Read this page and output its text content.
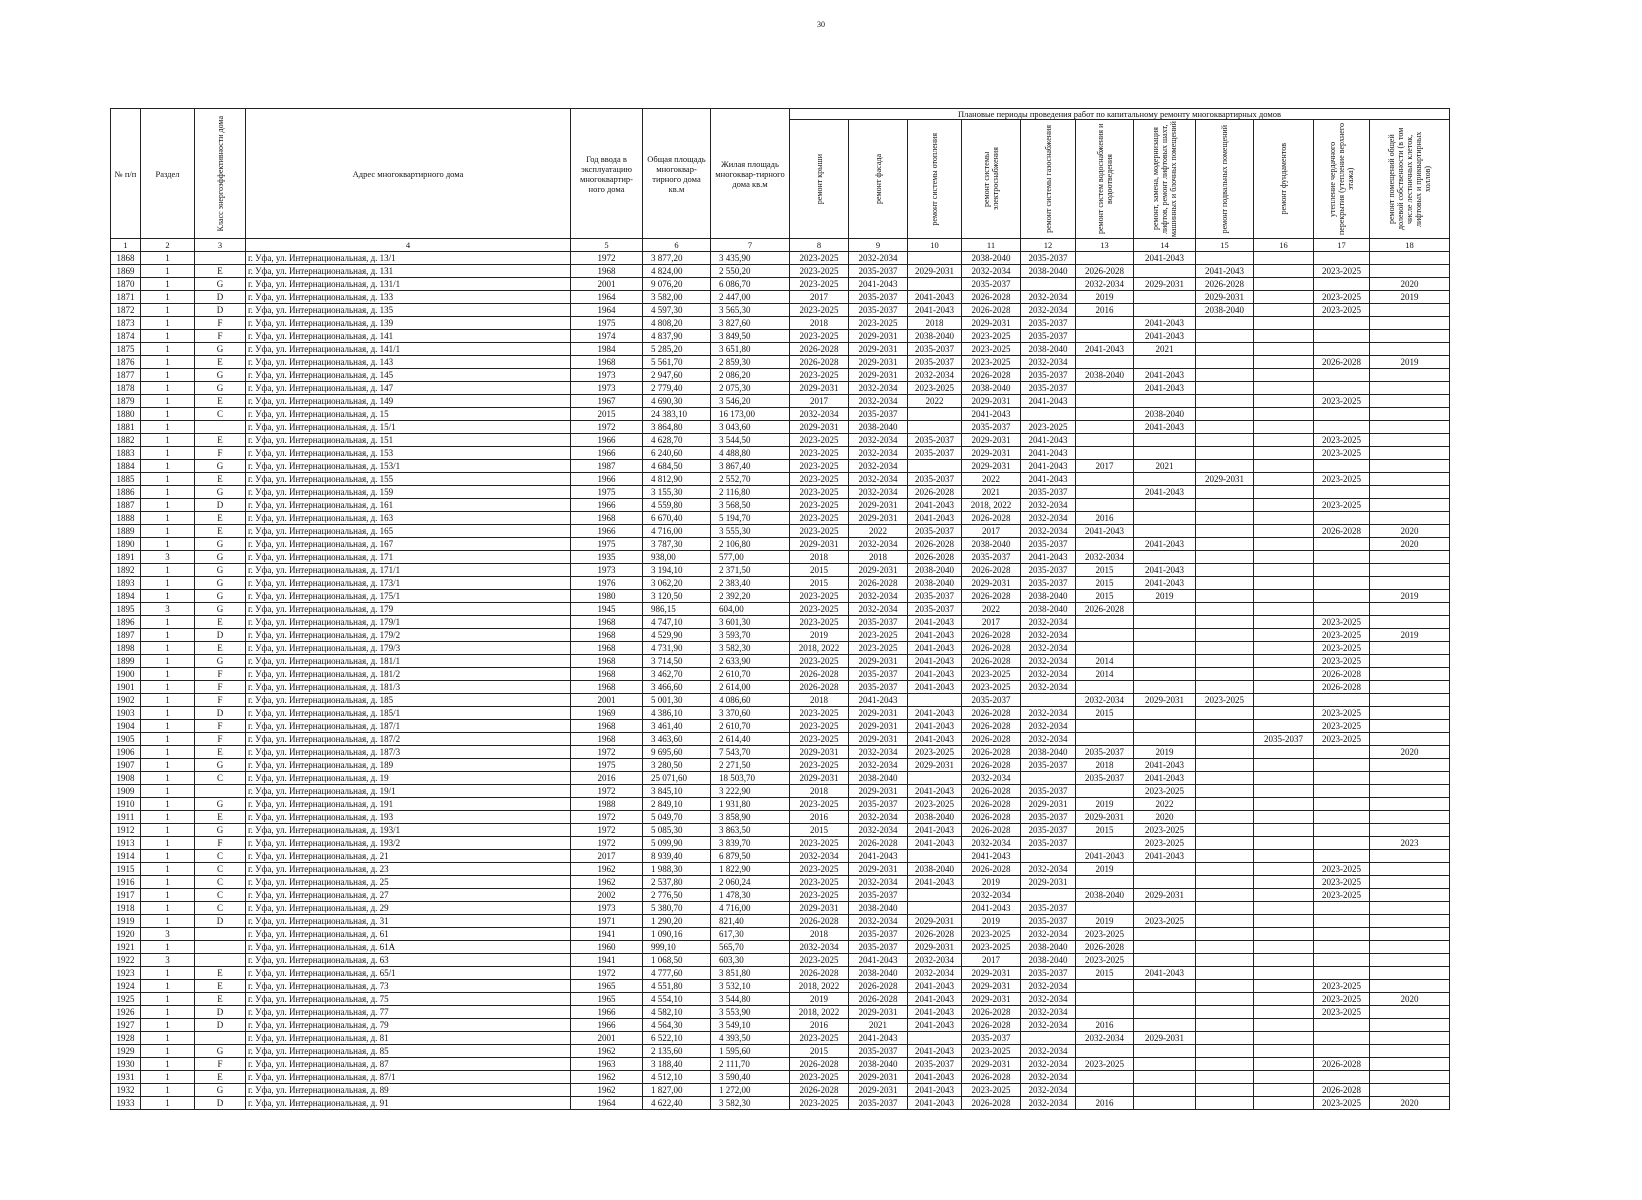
30
№ п/п	Раздел	Класс энергоэффективности дома	Адрес многоквартирного дома	Год ввода в эксплуатацию многоквартир-ного дома	Общая площадь многоквар-тирного дома кв.м	Жилая площадь многоквар-тирного дома кв.м	Плановые периоды проведения работ по капитальному ремонту многоквартирных домов										

							ремонт крыши	ремонт фасада	ремонт системы отопления	ремонт системы электроснабжения	ремонт системы газоснабжения	ремонт систем водоснабжения и водоотведения	ремонт, замена, модернизация лифтов, ремонт лифтовых шахт, машинных и блочных помещений	ремонт подвальных помещений	ремонт фундаментов	утепление чердачного перекрытия (утепление верхнего этажа)	ремонт помещений общей долевой собственности (в том числе лестничных клеток, лифтовых и приквартирных холлов)

1	2	3	4	5	6	7	8	9	10	11	12	13	14	15	16	17	18
1868	1		г. Уфа, ул. Интернациональная, д. 13/1	1972	3 877,20	3 435,90	2023-2025	2032-2034		2038-2040	2035-2037		2041-2043				
1869	1	E	г. Уфа, ул. Интернациональная, д. 131	1968	4 824,00	2 550,20	2023-2025	2035-2037	2029-2031	2032-2034	2038-2040	2026-2028		2041-2043		2023-2025	
1870	1	G	г. Уфа, ул. Интернациональная, д. 131/1	2001	9 076,20	6 086,70	2023-2025	2041-2043		2035-2037		2032-2034	2029-2031	2026-2028			2020
1871	1	D	г. Уфа, ул. Интернациональная, д. 133	1964	3 582,00	2 447,00	2017	2035-2037	2041-2043	2026-2028	2032-2034	2019		2029-2031		2023-2025	2019
1872	1	D	г. Уфа, ул. Интернациональная, д. 135	1964	4 597,30	3 565,30	2023-2025	2035-2037	2041-2043	2026-2028	2032-2034	2016		2038-2040		2023-2025	
1873	1	F	г. Уфа, ул. Интернациональная, д. 139	1975	4 808,20	3 827,60	2018	2023-2025	2018	2029-2031	2035-2037		2041-2043				
1874	1	F	г. Уфа, ул. Интернациональная, д. 141	1974	4 837,90	3 849,50	2023-2025	2029-2031	2038-2040	2023-2025	2035-2037		2041-2043				
1875	1	G	г. Уфа, ул. Интернациональная, д. 141/1	1984	5 285,20	3 651,80	2026-2028	2029-2031	2035-2037	2023-2025	2038-2040	2041-2043	2021				
1876	1	E	г. Уфа, ул. Интернациональная, д. 143	1968	5 561,70	2 859,30	2026-2028	2029-2031	2035-2037	2023-2025	2032-2034					2026-2028	2019
1877	1	G	г. Уфа, ул. Интернациональная, д. 145	1973	2 947,60	2 086,20	2023-2025	2029-2031	2032-2034	2026-2028	2035-2037	2038-2040	2041-2043				
1878	1	G	г. Уфа, ул. Интернациональная, д. 147	1973	2 779,40	2 075,30	2029-2031	2032-2034	2023-2025	2038-2040	2035-2037		2041-2043				
1879	1	E	г. Уфа, ул. Интернациональная, д. 149	1967	4 690,30	3 546,20	2017	2032-2034	2022	2029-2031	2041-2043					2023-2025	
1880	1	C	г. Уфа, ул. Интернациональная, д. 15	2015	24 383,10	16 173,00	2032-2034	2035-2037		2041-2043			2038-2040				
1881	1		г. Уфа, ул. Интернациональная, д. 15/1	1972	3 864,80	3 043,60	2029-2031	2038-2040		2035-2037	2023-2025		2041-2043				
1882	1	E	г. Уфа, ул. Интернациональная, д. 151	1966	4 628,70	3 544,50	2023-2025	2032-2034	2035-2037	2029-2031	2041-2043					2023-2025	
1883	1	F	г. Уфа, ул. Интернациональная, д. 153	1966	6 240,60	4 488,80	2023-2025	2032-2034	2035-2037	2029-2031	2041-2043					2023-2025	
1884	1	G	г. Уфа, ул. Интернациональная, д. 153/1	1987	4 684,50	3 867,40	2023-2025	2032-2034		2029-2031	2041-2043	2017	2021				
1885	1	E	г. Уфа, ул. Интернациональная, д. 155	1966	4 812,90	2 552,70	2023-2025	2032-2034	2035-2037	2022	2041-2043			2029-2031		2023-2025	
1886	1	G	г. Уфа, ул. Интернациональная, д. 159	1975	3 155,30	2 116,80	2023-2025	2032-2034	2026-2028	2021	2035-2037		2041-2043				
1887	1	D	г. Уфа, ул. Интернациональная, д. 161	1966	4 559,80	3 568,50	2023-2025	2029-2031	2041-2043	2018, 2022	2032-2034					2023-2025	
1888	1	E	г. Уфа, ул. Интернациональная, д. 163	1968	6 670,40	5 194,70	2023-2025	2029-2031	2041-2043	2026-2028	2032-2034	2016					
1889	1	E	г. Уфа, ул. Интернациональная, д. 165	1966	4 716,00	3 555,30	2023-2025	2022	2035-2037	2017	2032-2034	2041-2043				2026-2028	2020
1890	1	G	г. Уфа, ул. Интернациональная, д. 167	1975	3 787,30	2 106,80	2029-2031	2032-2034	2026-2028	2038-2040	2035-2037		2041-2043				2020
1891	3	G	г. Уфа, ул. Интернациональная, д. 171	1935	938,00	577,00	2018	2018	2026-2028	2035-2037	2041-2043	2032-2034					
1892	1	G	г. Уфа, ул. Интернациональная, д. 171/1	1973	3 194,10	2 371,50	2015	2029-2031	2038-2040	2026-2028	2035-2037	2015	2041-2043				
1893	1	G	г. Уфа, ул. Интернациональная, д. 173/1	1976	3 062,20	2 383,40	2015	2026-2028	2038-2040	2029-2031	2035-2037	2015	2041-2043				
1894	1	G	г. Уфа, ул. Интернациональная, д. 175/1	1980	3 120,50	2 392,20	2023-2025	2032-2034	2035-2037	2026-2028	2038-2040	2015	2019				2019
1895	3	G	г. Уфа, ул. Интернациональная, д. 179	1945	986,15	604,00	2023-2025	2032-2034	2035-2037	2022	2038-2040	2026-2028					
1896	1	E	г. Уфа, ул. Интернациональная, д. 179/1	1968	4 747,10	3 601,30	2023-2025	2035-2037	2041-2043	2017	2032-2034					2023-2025	
1897	1	D	г. Уфа, ул. Интернациональная, д. 179/2	1968	4 529,90	3 593,70	2019	2023-2025	2041-2043	2026-2028	2032-2034					2023-2025	2019
1898	1	E	г. Уфа, ул. Интернациональная, д. 179/3	1968	4 731,90	3 582,30	2018, 2022	2023-2025	2041-2043	2026-2028	2032-2034					2023-2025	
1899	1	G	г. Уфа, ул. Интернациональная, д. 181/1	1968	3 714,50	2 633,90	2023-2025	2029-2031	2041-2043	2026-2028	2032-2034	2014				2023-2025	
1900	1	F	г. Уфа, ул. Интернациональная, д. 181/2	1968	3 462,70	2 610,70	2026-2028	2035-2037	2041-2043	2023-2025	2032-2034	2014				2026-2028	
1901	1	F	г. Уфа, ул. Интернациональная, д. 181/3	1968	3 466,60	2 614,00	2026-2028	2035-2037	2041-2043	2023-2025	2032-2034					2026-2028	
1902	1	F	г. Уфа, ул. Интернациональная, д. 185	2001	5 001,30	4 086,60	2018	2041-2043		2035-2037		2032-2034	2029-2031	2023-2025			
1903	1	D	г. Уфа, ул. Интернациональная, д. 185/1	1969	4 386,10	3 370,60	2023-2025	2029-2031	2041-2043	2026-2028	2032-2034	2015				2023-2025	
1904	1	F	г. Уфа, ул. Интернациональная, д. 187/1	1968	3 461,40	2 610,70	2023-2025	2029-2031	2041-2043	2026-2028	2032-2034					2023-2025	
1905	1	F	г. Уфа, ул. Интернациональная, д. 187/2	1968	3 463,60	2 614,40	2023-2025	2029-2031	2041-2043	2026-2028	2032-2034				2035-2037	2023-2025	
1906	1	E	г. Уфа, ул. Интернациональная, д. 187/3	1972	9 695,60	7 543,70	2029-2031	2032-2034	2023-2025	2026-2028	2038-2040	2035-2037	2019				2020
1907	1	G	г. Уфа, ул. Интернациональная, д. 189	1975	3 280,50	2 271,50	2023-2025	2032-2034	2029-2031	2026-2028	2035-2037	2018	2041-2043				
1908	1	C	г. Уфа, ул. Интернациональная, д. 19	2016	25 071,60	18 503,70	2029-2031	2038-2040		2032-2034		2035-2037	2041-2043				
1909	1		г. Уфа, ул. Интернациональная, д. 19/1	1972	3 845,10	3 222,90	2018	2029-2031	2041-2043	2026-2028	2035-2037		2023-2025				
1910	1	G	г. Уфа, ул. Интернациональная, д. 191	1988	2 849,10	1 931,80	2023-2025	2035-2037	2023-2025	2026-2028	2029-2031	2019	2022				
1911	1	E	г. Уфа, ул. Интернациональная, д. 193	1972	5 049,70	3 858,90	2016	2032-2034	2038-2040	2026-2028	2035-2037	2029-2031	2020				
1912	1	G	г. Уфа, ул. Интернациональная, д. 193/1	1972	5 085,30	3 863,50	2015	2032-2034	2041-2043	2026-2028	2035-2037	2015	2023-2025				
1913	1	F	г. Уфа, ул. Интернациональная, д. 193/2	1972	5 099,90	3 839,70	2023-2025	2026-2028	2041-2043	2032-2034	2035-2037		2023-2025				2023
1914	1	C	г. Уфа, ул. Интернациональная, д. 21	2017	8 939,40	6 879,50	2032-2034	2041-2043		2041-2043		2041-2043	2041-2043				
1915	1	C	г. Уфа, ул. Интернациональная, д. 23	1962	1 988,30	1 822,90	2023-2025	2029-2031	2038-2040	2026-2028	2032-2034	2019				2023-2025	
1916	1	C	г. Уфа, ул. Интернациональная, д. 25	1962	2 537,80	2 060,24	2023-2025	2032-2034	2041-2043	2019	2029-2031					2023-2025	
1917	1	C	г. Уфа, ул. Интернациональная, д. 27	2002	2 776,50	1 478,30	2023-2025	2035-2037		2032-2034		2038-2040	2029-2031			2023-2025	
1918	1	C	г. Уфа, ул. Интернациональная, д. 29	1973	5 380,70	4 716,00	2029-2031	2038-2040		2041-2043	2035-2037						
1919	1	D	г. Уфа, ул. Интернациональная, д. 31	1971	1 290,20	821,40	2026-2028	2032-2034	2029-2031	2019	2035-2037	2019	2023-2025				
1920	3		г. Уфа, ул. Интернациональная, д. 61	1941	1 090,16	617,30	2018	2035-2037	2026-2028	2023-2025	2032-2034	2023-2025					
1921	1		г. Уфа, ул. Интернациональная, д. 61А	1960	999,10	565,70	2032-2034	2035-2037	2029-2031	2023-2025	2038-2040	2026-2028					
1922	3		г. Уфа, ул. Интернациональная, д. 63	1941	1 068,50	603,30	2023-2025	2041-2043	2032-2034	2017	2038-2040	2023-2025					
1923	1	E	г. Уфа, ул. Интернациональная, д. 65/1	1972	4 777,60	3 851,80	2026-2028	2038-2040	2032-2034	2029-2031	2035-2037	2015	2041-2043				
1924	1	E	г. Уфа, ул. Интернациональная, д. 73	1965	4 551,80	3 532,10	2018, 2022	2026-2028	2041-2043	2029-2031	2032-2034					2023-2025	
1925	1	E	г. Уфа, ул. Интернациональная, д. 75	1965	4 554,10	3 544,80	2019	2026-2028	2041-2043	2029-2031	2032-2034					2023-2025	2020
1926	1	D	г. Уфа, ул. Интернациональная, д. 77	1966	4 582,10	3 553,90	2018, 2022	2029-2031	2041-2043	2026-2028	2032-2034					2023-2025	
1927	1	D	г. Уфа, ул. Интернациональная, д. 79	1966	4 564,30	3 549,10	2016	2021	2041-2043	2026-2028	2032-2034	2016					
1928	1		г. Уфа, ул. Интернациональная, д. 81	2001	6 522,10	4 393,50	2023-2025	2041-2043		2035-2037		2032-2034	2029-2031				
1929	1	G	г. Уфа, ул. Интернациональная, д. 85	1962	2 135,60	1 595,60	2015	2035-2037	2041-2043	2023-2025	2032-2034						
1930	1	F	г. Уфа, ул. Интернациональная, д. 87	1963	3 188,40	2 111,70	2026-2028	2038-2040	2035-2037	2029-2031	2032-2034	2023-2025				2026-2028	
1931	1	E	г. Уфа, ул. Интернациональная, д. 87/1	1962	4 512,10	3 590,40	2023-2025	2029-2031	2041-2043	2026-2028	2032-2034						
1932	1	G	г. Уфа, ул. Интернациональная, д. 89	1962	1 827,00	1 272,00	2026-2028	2029-2031	2041-2043	2023-2025	2032-2034					2026-2028	
1933	1	D	г. Уфа, ул. Интернациональная, д. 91	1964	4 622,40	3 582,30	2023-2025	2035-2037	2041-2043	2026-2028	2032-2034	2016				2023-2025	2020
